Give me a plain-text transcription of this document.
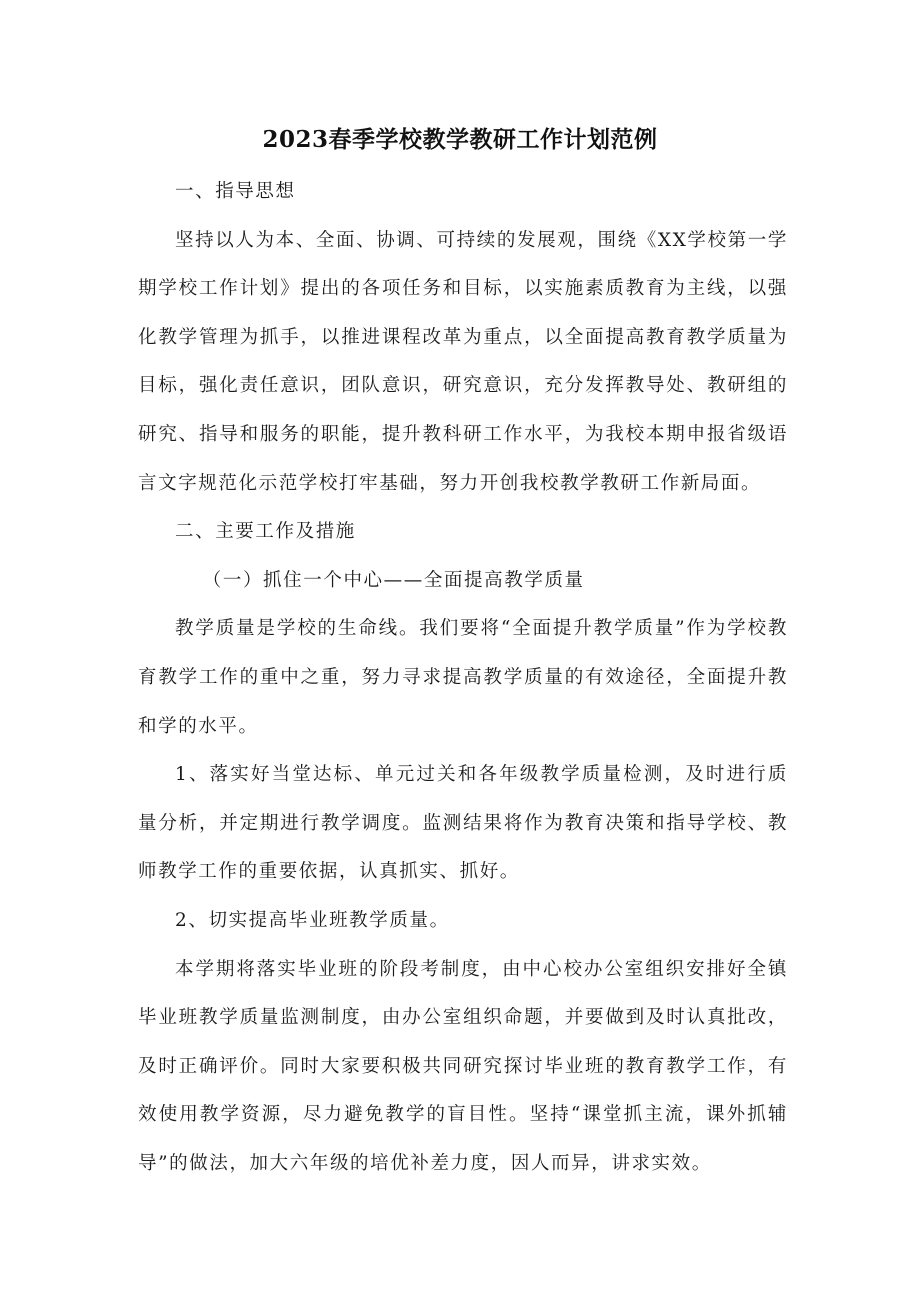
2023春季学校教学教研工作计划范例

一、指导思想

坚持以人为本、全面、协调、可持续的发展观，围绕《XX学校第一学期学校工作计划》提出的各项任务和目标，以实施素质教育为主线，以强化教学管理为抓手，以推进课程改革为重点，以全面提高教育教学质量为目标，强化责任意识，团队意识，研究意识，充分发挥教导处、教研组的研究、指导和服务的职能，提升教科研工作水平，为我校本期申报省级语言文字规范化示范学校打牢基础，努力开创我校教学教研工作新局面。

二、主要工作及措施

（一）抓住一个中心——全面提高教学质量

教学质量是学校的生命线。我们要将“全面提升教学质量”作为学校教育教学工作的重中之重，努力寻求提高教学质量的有效途径，全面提升教和学的水平。

1、落实好当堂达标、单元过关和各年级教学质量检测，及时进行质量分析，并定期进行教学调度。监测结果将作为教育决策和指导学校、教师教学工作的重要依据，认真抓实、抓好。

2、切实提高毕业班教学质量。

本学期将落实毕业班的阶段考制度，由中心校办公室组织安排好全镇毕业班教学质量监测制度，由办公室组织命题，并要做到及时认真批改，及时正确评价。同时大家要积极共同研究探讨毕业班的教育教学工作，有效使用教学资源，尽力避免教学的盲目性。坚持“课堂抓主流，课外抓辅导”的做法，加大六年级的培优补差力度，因人而异，讲求实效。
